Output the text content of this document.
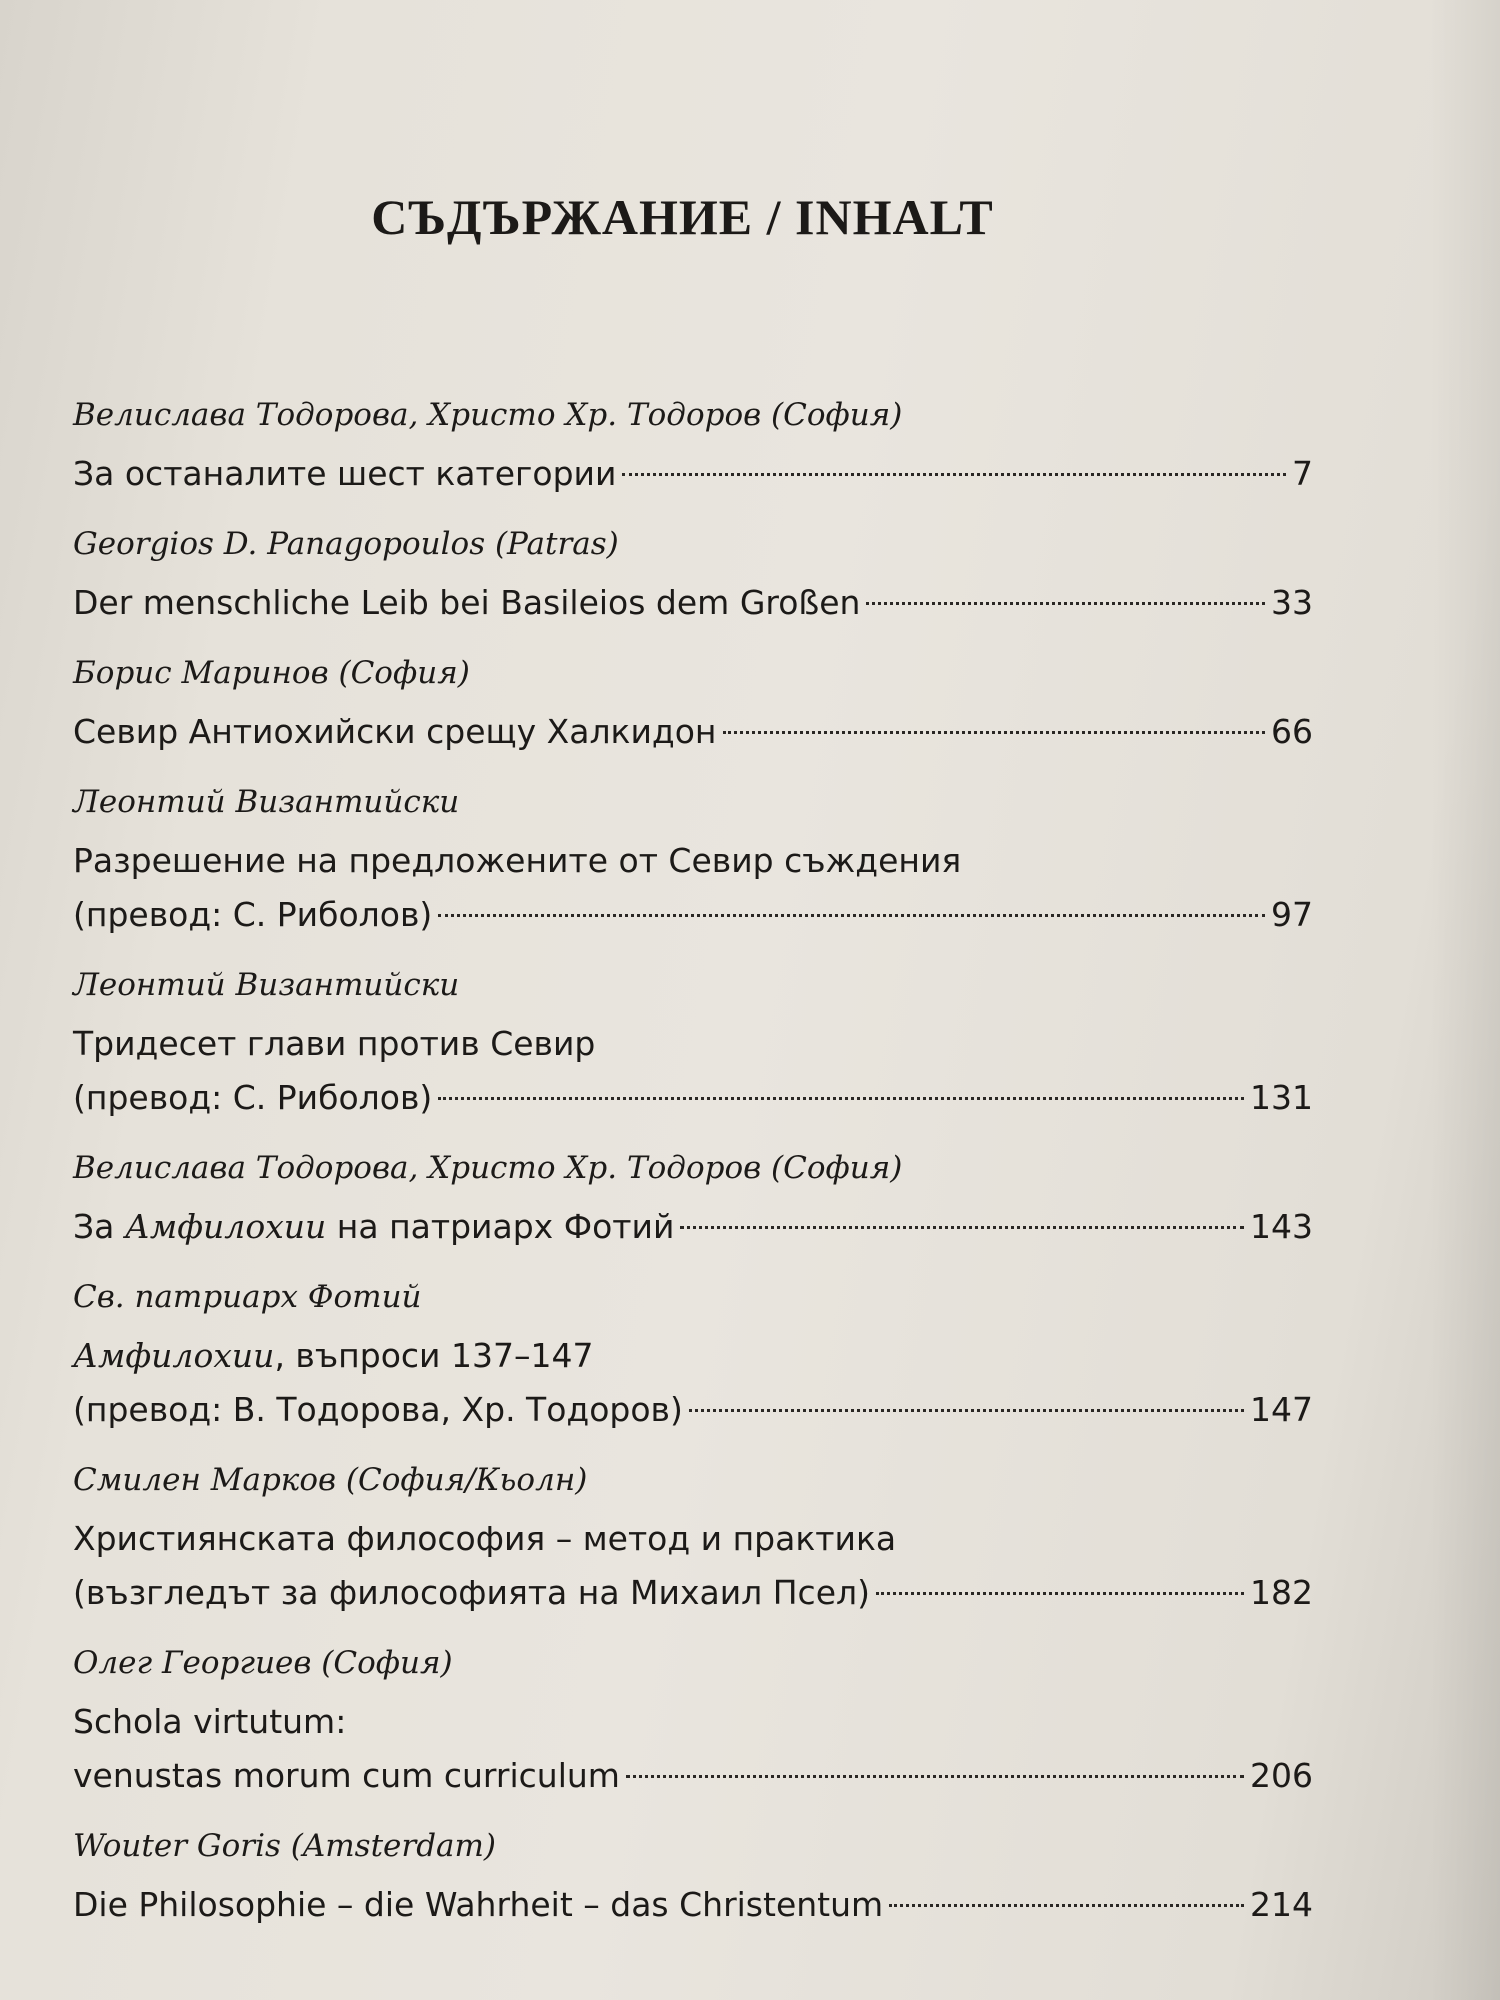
СЪДЪРЖАНИЕ / INHALT
Велислава Тодорова, Христо Хр. Тодоров (София)
За останалите шест категории	7
Georgios D. Panagopoulos (Patras)
Der menschliche Leib bei Basileios dem Großen	33
Борис Маринов (София)
Севир Антиохийски срещу Халкидон	66
Леонтий Византийски
Разрешение на предложените от Севир съждения
(превод: С. Риболов)	97
Леонтий Византийски
Тридесет глави против Севир
(превод: С. Риболов)	131
Велислава Тодорова, Христо Хр. Тодоров (София)
За Амфилохии на патриарх Фотий	143
Св. патриарх Фотий
Амфилохии, въпроси 137–147
(превод: В. Тодорова, Хр. Тодоров)	147
Смилен Марков (София/Кьолн)
Християнската философия – метод и практика
(възгледът за философията на Михаил Псел)	182
Олег Георгиев (София)
Schola virtutum:
venustas morum cum curriculum	206
Wouter Goris (Amsterdam)
Die Philosophie – die Wahrheit – das Christentum	214
